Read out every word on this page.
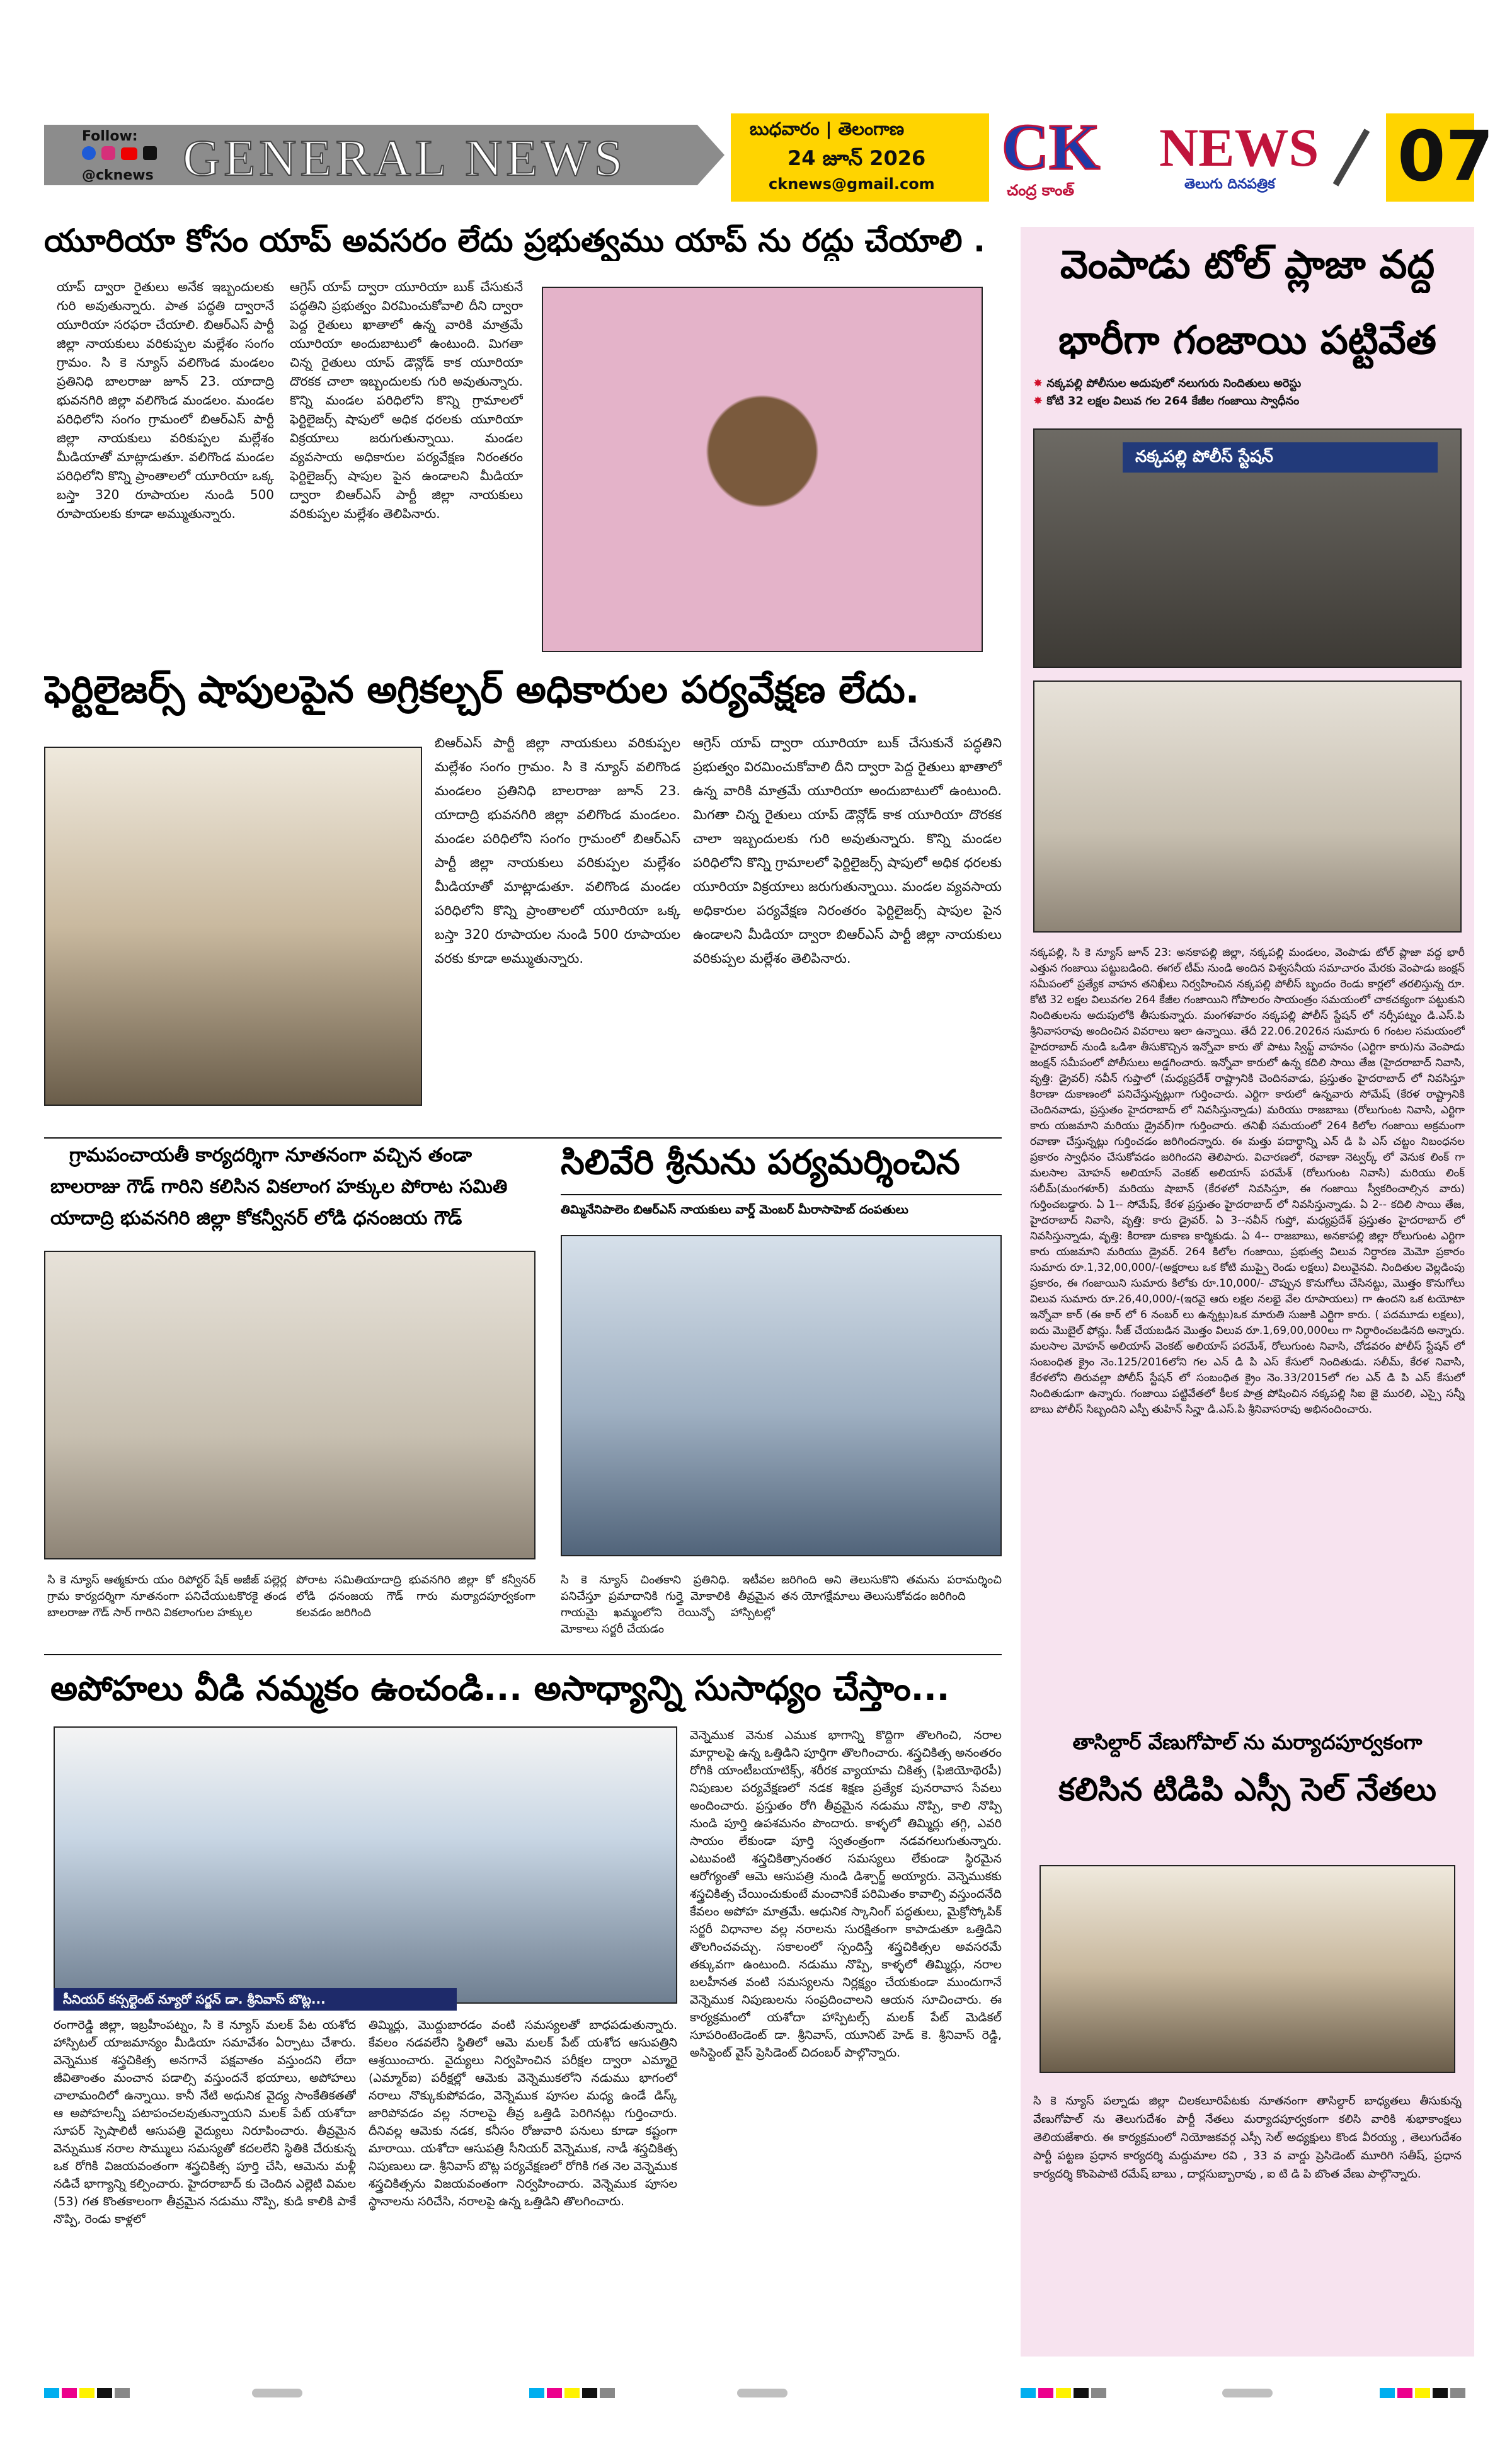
Follow:

@cknews GENERAL NEWS
బుధవారం | తెలంగాణ
24 జూన్ 2026
cknews@gmail.com
CK
చంద్ర కాంత్
NEWS
తెలుగు దినపత్రిక 07
యూరియా కోసం యాప్ అవసరం లేదు ప్రభుత్వము యాప్ ను రద్దు చేయాలి .
యాప్ ద్వారా రైతులు అనేక ఇబ్బందులకు గురి అవుతున్నారు. పాత పద్ధతి ద్వారానే యూరియా సరఫరా చేయాలి. బిఆర్ఎస్ పార్టీ జిల్లా నాయకులు వరికుప్పల మల్లేశం సంగం గ్రామం. సి కె న్యూస్ వలిగొండ మండలం ప్రతినిధి బాలరాజు జూన్ 23. యాదాద్రి భువనగిరి జిల్లా వలిగొండ మండలం. మండల పరిధిలోని సంగం గ్రామంలో బిఆర్ఎస్ పార్టీ జిల్లా నాయకులు వరికుప్పల మల్లేశం మీడియాతో మాట్లాడుతూ. వలిగొండ మండల పరిధిలోని కొన్ని ప్రాంతాలలో యూరియా ఒక్క బస్తా 320 రూపాయల నుండి 500 రూపాయలకు కూడా అమ్ముతున్నారు.
ఆగ్రెస్ యాప్ ద్వారా యూరియా బుక్ చేసుకునే పద్ధతిని ప్రభుత్వం విరమించుకోవాలి దీని ద్వారా పెద్ద రైతులు ఖాతాలో ఉన్న వారికి మాత్రమే యూరియా అందుబాటులో ఉంటుంది. మిగతా చిన్న రైతులు యాప్ డౌన్లోడ్ కాక యూరియా దొరకక చాలా ఇబ్బందులకు గురి అవుతున్నారు. కొన్ని మండల పరిధిలోని కొన్ని గ్రామాలలో ఫెర్టిలైజర్స్ షాపులో అధిక ధరలకు యూరియా విక్రయాలు జరుగుతున్నాయి. మండల వ్యవసాయ అధికారుల పర్యవేక్షణ నిరంతరం ఫెర్టిలైజర్స్ షాపుల పైన ఉండాలని మీడియా ద్వారా బిఆర్ఎస్ పార్టీ జిల్లా నాయకులు వరికుప్పల మల్లేశం తెలిపినారు.
ఫెర్టిలైజర్స్ షాపులపైన అగ్రికల్చర్ అధికారుల పర్యవేక్షణ లేదు.
బిఆర్ఎస్ పార్టీ జిల్లా నాయకులు వరికుప్పల మల్లేశం సంగం గ్రామం. సి కె న్యూస్ వలిగొండ మండలం ప్రతినిధి బాలరాజు జూన్ 23. యాదాద్రి భువనగిరి జిల్లా వలిగొండ మండలం. మండల పరిధిలోని సంగం గ్రామంలో బిఆర్ఎస్ పార్టీ జిల్లా నాయకులు వరికుప్పల మల్లేశం మీడియాతో మాట్లాడుతూ. వలిగొండ మండల పరిధిలోని కొన్ని ప్రాంతాలలో యూరియా ఒక్క బస్తా 320 రూపాయల నుండి 500 రూపాయల వరకు కూడా అమ్ముతున్నారు.
ఆగ్రెస్ యాప్ ద్వారా యూరియా బుక్ చేసుకునే పద్ధతిని ప్రభుత్వం విరమించుకోవాలి దీని ద్వారా పెద్ద రైతులు ఖాతాలో ఉన్న వారికి మాత్రమే యూరియా అందుబాటులో ఉంటుంది. మిగతా చిన్న రైతులు యాప్ డౌన్లోడ్ కాక యూరియా దొరకక చాలా ఇబ్బందులకు గురి అవుతున్నారు. కొన్ని మండల పరిధిలోని కొన్ని గ్రామాలలో ఫెర్టిలైజర్స్ షాపులో అధిక ధరలకు యూరియా విక్రయాలు జరుగుతున్నాయి. మండల వ్యవసాయ అధికారుల పర్యవేక్షణ నిరంతరం ఫెర్టిలైజర్స్ షాపుల పైన ఉండాలని మీడియా ద్వారా బిఆర్ఎస్ పార్టీ జిల్లా నాయకులు వరికుప్పల మల్లేశం తెలిపినారు.
గ్రామపంచాయతీ కార్యదర్శిగా నూతనంగా వచ్చిన తండా
బాలరాజు గౌడ్ గారిని కలిసిన వికలాంగ హక్కుల పోరాట సమితి
యాదాద్రి భువనగిరి జిల్లా కోకన్వీనర్ లోడి ధనంజయ గౌడ్
సి కె న్యూస్ ఆత్మకూరు యం రిపోర్టర్ షేక్ అజీజ్ పల్లెర్ల గ్రామ కార్యదర్శిగా నూతనంగా పనిచేయుటకొరకై తండ బాలరాజు గౌడ్ సార్ గారిని వికలాంగుల హక్కుల
పోరాట సమితియాదాద్రి భువనగిరి జిల్లా కో కన్వీనర్ లోడి ధనంజయ గౌడ్ గారు మర్యాదపూర్వకంగా కలవడం జరిగింది
సిలివేరి శ్రీనును పర్యమర్శించిన
తిమ్మినేనిపాలెం బిఆర్ఎస్ నాయకులు వార్డ్ మెంబర్ మీరాసాహెబ్ దంపతులు
సి కె న్యూస్ చింతకాని ప్రతినిధి. ఇటీవల పనిచేస్తూ ప్రమాదానికి గుర్తై మోకాలికి తీవ్రమైన గాయమై ఖమ్మంలోని రెయిన్బో హాస్పిటల్లో మోకాలు సర్జరీ చేయడం
జరిగింది అని తెలుసుకొని తమను పరామర్శించి తన యోగక్షేమాలు తెలుసుకోవడం జరిగింది
అపోహలు వీడి నమ్మకం ఉంచండి... అసాధ్యాన్ని సుసాధ్యం చేస్తాం...
సీనియర్ కన్సల్టెంట్ న్యూరో సర్జన్ డా. శ్రీనివాస్ బొట్ల...
రంగారెడ్డి జిల్లా, ఇబ్రహీంపట్నం, సి కె న్యూస్ మలక్ పేట యశోద హాస్పిటల్ యాజమాన్యం మీడియా సమావేశం ఏర్పాటు చేశారు. వెన్నెముక శస్త్రచికిత్స అనగానే పక్షవాతం వస్తుందని లేదా జీవితాంతం మంచాన పడాల్సి వస్తుందనే భయాలు, అపోహలు చాలామందిలో ఉన్నాయి. కానీ నేటి అధునిక వైద్య సాంకేతికతతో ఆ అపోహలన్నీ పటాపంచలవుతున్నాయని మలక్ పేట్ యశోదా సూపర్ స్పెషాలిటీ ఆసుపత్రి వైద్యులు నిరూపించారు. తీవ్రమైన వెన్నుముక నరాల సొమ్ములు సమస్యతో కదలలేని స్థితికి చేరుకున్న ఒక రోగికి విజయవంతంగా శస్త్రచికిత్స పూర్తి చేసి, ఆమెను మళ్లీ నడిచే భాగ్యాన్ని కల్పించారు. హైదరాబాద్ కు చెందిన ఎల్లెటి విమల (53) గత కొంతకాలంగా తీవ్రమైన నడుము నొప్పి, కుడి కాలికి పాకే నొప్పి, రెండు కాళ్లలో
తిమ్మిర్లు, మొద్దుబారడం వంటి సమస్యలతో బాధపడుతున్నారు. కేవలం నడవలేని స్థితిలో ఆమె మలక్ పేట్ యశోద ఆసుపత్రిని ఆశ్రయించారు. వైద్యులు నిర్వహించిన పరీక్షల ద్వారా ఎమ్మారై (ఎమ్మార్ఐ) పరీక్షల్లో ఆమెకు వెన్నెముకలోని నడుము భాగంలో నరాలు నొక్కుకుపోవడం, వెన్నెముక పూసల మధ్య ఉండే డిస్క్ జారిపోవడం వల్ల నరాలపై తీవ్ర ఒత్తిడి పెరిగినట్లు గుర్తించారు. దీనివల్ల ఆమెకు నడక, కనీసం రోజువారి పనులు కూడా కష్టంగా మారాయి. యశోదా ఆసుపత్రి సీనియర్ వెన్నెముక, నాడీ శస్త్రచికిత్స నిపుణులు డా. శ్రీనివాస్ బొట్ల పర్యవేక్షణలో రోగికి గత నెల వెన్నెముక శస్త్రచికిత్సను విజయవంతంగా నిర్వహించారు. వెన్నెముక పూసల స్థానాలను సరిచేసి, నరాలపై ఉన్న ఒత్తిడిని తొలగించారు.
వెన్నెముక వెనుక ఎముక భాగాన్ని కొద్దిగా తొలగించి, నరాల మార్గాలపై ఉన్న ఒత్తిడిని పూర్తిగా తొలగించారు. శస్త్రచికిత్స అనంతరం రోగికి యాంటీబయాటిక్స్, శరీరక వ్యాయామ చికిత్స (ఫిజియోథెరపీ) నిపుణుల పర్యవేక్షణలో నడక శిక్షణ ప్రత్యేక పునరావాస సేవలు అందించారు. ప్రస్తుతం రోగి తీవ్రమైన నడుము నొప్పి, కాలి నొప్పి నుండి పూర్తి ఉపశమనం పొందారు. కాళ్ళలో తిమ్మిర్లు తగ్గి, ఎవరి సాయం లేకుండా పూర్తి స్వతంత్రంగా నడవగలుగుతున్నారు. ఎటువంటి శస్త్రచికిత్సానంతర సమస్యలు లేకుండా స్థిరమైన ఆరోగ్యంతో ఆమె ఆసుపత్రి నుండి డిశ్చార్జ్ అయ్యారు. వెన్నెముకకు శస్త్రచికిత్స చేయించుకుంటే మంచానికే పరిమితం కావాల్సి వస్తుందనేది కేవలం అపోహ మాత్రమే. ఆధునిక స్కానింగ్ పద్ధతులు, మైక్రోస్కోపిక్ సర్జరీ విధానాల వల్ల నరాలను సురక్షితంగా కాపాడుతూ ఒత్తిడిని తొలగించవచ్చు. సకాలంలో స్పందిస్తే శస్త్రచికిత్సల అవసరమే తక్కువగా ఉంటుంది. నడుము నొప్పి, కాళ్ళలో తిమ్మిర్లు, నరాల బలహీనత వంటి సమస్యలను నిర్లక్ష్యం చేయకుండా ముందుగానే వెన్నెముక నిపుణులను సంప్రదించాలని ఆయన సూచించారు. ఈ కార్యక్రమంలో యశోదా హాస్పిటల్స్ మలక్ పేట్ మెడికల్ సూపరింటెండెంట్ డా. శ్రీనివాస్, యూనిట్ హెడ్ కె. శ్రీనివాస్ రెడ్డి, అసిస్టెంట్ వైస్ ప్రెసిడెంట్ చిదంబర్ పాల్గొన్నారు.
వెంపాడు టోల్ ప్లాజా వద్ద
భారీగా గంజాయి పట్టివేత
✸ నక్కపల్లి పోలీసుల అదుపులో నలుగురు నిందితులు అరెస్టు
✸ కోటి 32 లక్షల విలువ గల 264 కేజీల గంజాయి స్వాధీనం
నక్కపల్లి పోలీస్ స్టేషన్
నక్కపల్లి, సి కె న్యూస్ జూన్ 23: అనకాపల్లి జిల్లా, నక్కపల్లి మండలం, వెంపాడు టోల్ ప్లాజా వద్ద భారీ ఎత్తున గంజాయి పట్టుబడింది. ఈగల్ టీమ్ నుండి అందిన విశ్వసనీయ సమాచారం మేరకు వెంపాడు జంక్షన్ సమీపంలో ప్రత్యేక వాహన తనిఖీలు నిర్వహించిన నక్కపల్లి పోలీస్ బృందం రెండు కార్లలో తరలిస్తున్న రూ. కోటి 32 లక్షల విలువగల 264 కేజీల గంజాయిని గోపాలరం సాయంత్రం సమయంలో చాకచక్యంగా పట్టుకుని నిందితులను అదుపులోకి తీసుకున్నారు. మంగళవారం నక్కపల్లి పోలీస్ స్టేషన్ లో నర్సీపట్నం డి.ఎస్.పి శ్రీనివాసరావు అందించిన వివరాలు ఇలా ఉన్నాయి. తేదీ 22.06.2026న సుమారు 6 గంటల సమయంలో హైదరాబాద్ నుండి ఒడిశా తీసుకొచ్చిన ఇన్నోవా కారు తో పాటు స్విఫ్ట్ వాహనం (ఎర్టిగా కారు)ను వెంపాడు జంక్షన్ సమీపంలో పోలీసులు అడ్డగించారు. ఇన్నోవా కారులో ఉన్న కదిలి సాయి తేజ (హైదరాబాద్ నివాసి, వృత్తి: డ్రైవర్) నవీన్ గుప్తాలో (మధ్యప్రదేశ్ రాష్ట్రానికి చెందినవాడు, ప్రస్తుతం హైదరాబాద్ లో నివసిస్తూ కిరాణా దుకాణంలో పనిచేస్తున్నట్లుగా గుర్తించారు. ఎర్టిగా కారులో ఉన్నవారు సోమేష్ (కేరళ రాష్ట్రానికి చెందినవాడు, ప్రస్తుతం హైదరాబాద్ లో నివసిస్తున్నాడు) మరియు రాజబాబు (రోలుగుంట నివాసి, ఎర్టిగా కారు యజమాని మరియు డ్రైవర్)గా గుర్తించారు. తనిఖీ సమయంలో 264 కిలోల గంజాయి అక్రమంగా రవాణా చేస్తున్నట్లు గుర్తించడం జరిగిందన్నారు. ఈ మత్తు పదార్థాన్ని ఎన్ డి పి ఎస్ చట్టం నిబంధనల ప్రకారం స్వాధీనం చేసుకోవడం జరిగిందని తెలిపారు. విచారణలో, రవాణా నెట్వర్క్ లో వెనుక లింక్ గా మలసాల మోహన్ అలియాస్ వెంకట్ అలియాస్ పరమేశ్ (రోలుగుంట నివాసి) మరియు లింక్ సలీమ్(మంగళూర్) మరియు షాబాన్ (కేరళలో నివసిస్తూ, ఈ గంజాయి స్వీకరించాల్సిన వారు) గుర్తించబడ్డారు. ఏ 1-- సోమేష్, కేరళ ప్రస్తుతం హైదరాబాద్ లో నివసిస్తున్నాడు. ఏ 2-- కదిలి సాయి తేజ, హైదరాబాద్ నివాసి, వృత్తి: కారు డ్రైవర్. ఏ 3--నవీన్ గుప్తో, మధ్యప్రదేశ్ ప్రస్తుతం హైదరాబాద్ లో నివసిస్తున్నాడు, వృత్తి: కిరాణా దుకాణ కార్మికుడు. ఏ 4-- రాజబాబు, అనకాపల్లి జిల్లా రోలుగుంట ఎర్టిగా కారు యజమాని మరియు డ్రైవర్. 264 కిలోల గంజాయి, ప్రభుత్వ విలువ నిర్ధారణ మెమో ప్రకారం సుమారు రూ.1,32,00,000/-(అక్షరాలు ఒక కోటి ముప్పై రెండు లక్షలు) విలువైనవి. నిందితుల వెల్లడింపు ప్రకారం, ఈ గంజాయిని సుమారు కిలోకు రూ.10,000/- చొప్పున కొనుగోలు చేసినట్టు, మొత్తం కొనుగోలు విలువ సుమారు రూ.26,40,000/-(ఇరవై ఆరు లక్షల నలభై వేల రూపాయలు) గా ఉందని ఒక టయోటా ఇన్నోవా కార్ (ఈ కార్ లో 6 నంబర్ లు ఉన్నట్లు)ఒక మారుతి సుజుకి ఎర్టిగా కారు. ( పదమూడు లక్షలు), ఐదు మొబైల్ ఫోన్లు. సీజ్ చేయబడిన మొత్తం విలువ రూ.1,69,00,000లు గా నిర్ధారించబడినది అన్నారు. మలసాల మోహన్ అలియాస్ వెంకట్ అలియాస్ పరమేశ్, రోలుగుంట నివాసి, చోడవరం పోలీస్ స్టేషన్ లో సంబంధిత క్రైం నెం.125/2016లోని గల ఎన్ డి పి ఎస్ కేసులో నిందితుడు. సలీమ్, కేరళ నివాసి, కేరళలోని తిరువల్లా పోలీస్ స్టేషన్ లో సంబంధిత క్రైం నెం.33/2015లో గల ఎన్ డి పి ఎస్ కేసులో నిందితుడుగా ఉన్నారు. గంజాయి పట్టివేతలో కీలక పాత్ర పోషించిన నక్కపల్లి సిఐ జై మురలి, ఎస్సై సన్నీ బాబు పోలీస్ సిబ్బందిని ఎస్పీ తుహిన్ సిన్హా డి.ఎస్.పి శ్రీనివాసరావు అభినందించారు.
తాసిల్దార్ వేణుగోపాల్ ను మర్యాదపూర్వకంగా
కలిసిన టిడిపి ఎస్సీ సెల్ నేతలు
సి కె న్యూస్ పల్నాడు జిల్లా చిలకలూరిపేటకు నూతనంగా తాసిల్దార్ బాధ్యతలు తీసుకున్న వేణుగోపాల్ ను తెలుగుదేశం పార్టీ నేతలు మర్యాదపూర్వకంగా కలిసి వారికి శుభాకాంక్షలు తెలియజేశారు. ఈ కార్యక్రమంలో నియోజకవర్గ ఎస్సీ సెల్ అధ్యక్షులు కొండ వీరయ్య , తెలుగుదేశం పార్టీ పట్టణ ప్రధాన కార్యదర్శి మద్దుమాల రవి , 33 వ వార్డు ప్రెసిడెంట్ మూరిగి సతీష్, ప్రధాన కార్యదర్శి కొంపెపాటి రమేష్ బాబు , దార్లసుబ్బారావు , ఐ టి డి పి బొంత వేణు పాల్గొన్నారు.
